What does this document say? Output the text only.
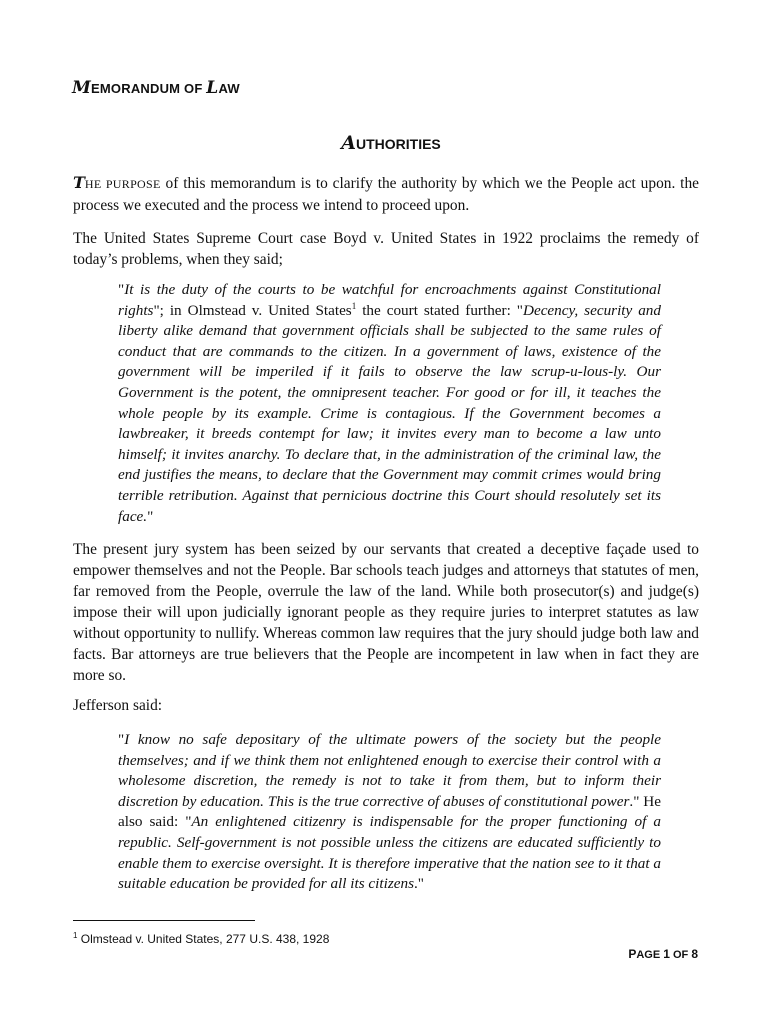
MEMORANDUM OF LAW
AUTHORITIES

THE PURPOSE of this memorandum is to clarify the authority by which we the People act upon. the process we executed and the process we intend to proceed upon.

The United States Supreme Court case Boyd v. United States in 1922 proclaims the remedy of today’s problems, when they said;

"It is the duty of the courts to be watchful for encroachments against Constitutional rights"; in Olmstead v. United States$^1$ the court stated further: "Decency, security and liberty alike demand that government officials shall be subjected to the same rules of conduct that are commands to the citizen. In a government of laws, existence of the government will be imperiled if it fails to observe the law scrup-u-lous-ly. Our Government is the potent, the omnipresent teacher. For good or for ill, it teaches the whole people by its example. Crime is contagious. If the Government becomes a lawbreaker, it breeds contempt for law; it invites every man to become a law unto himself; it invites anarchy. To declare that, in the administration of the criminal law, the end justifies the means, to declare that the Government may commit crimes would bring terrible retribution. Against that pernicious doctrine this Court should resolutely set its face."

The present jury system has been seized by our servants that created a deceptive façade used to empower themselves and not the People. Bar schools teach judges and attorneys that statutes of men, far removed from the People, overrule the law of the land. While both prosecutor(s) and judge(s) impose their will upon judicially ignorant people as they require juries to interpret statutes as law without opportunity to nullify. Whereas common law requires that the jury should judge both law and facts. Bar attorneys are true believers that the People are incompetent in law when in fact they are more so.

Jefferson said:

"I know no safe depositary of the ultimate powers of the society but the people themselves; and if we think them not enlightened enough to exercise their control with a wholesome discretion, the remedy is not to take it from them, but to inform their discretion by education. This is the true corrective of abuses of constitutional power." He also said: "An enlightened citizenry is indispensable for the proper functioning of a republic. Self-government is not possible unless the citizens are educated sufficiently to enable them to exercise oversight. It is therefore imperative that the nation see to it that a suitable education be provided for all its citizens."

$^1$ Olmstead v. United States, 277 U.S. 438, 1928
PAGE 1 OF 8
